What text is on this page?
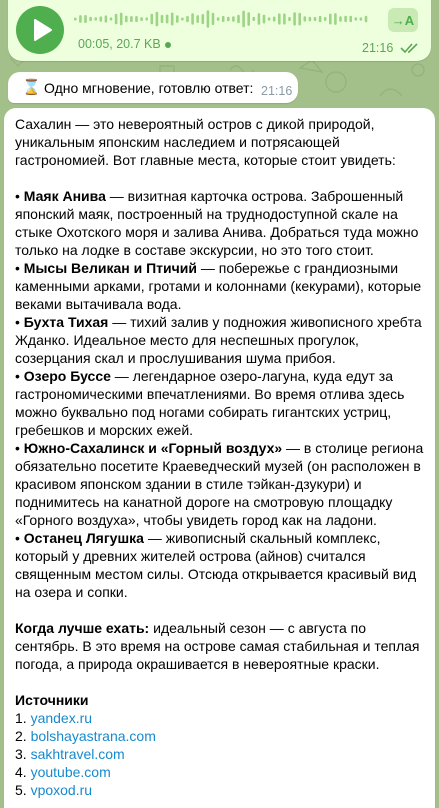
→A
00:05, 20.7 KB	21:16
⌛ Одно мгновение, готовлю ответ: 21:16

Сахалин — это невероятный остров с дикой природой, уникальным японским наследием и потрясающей гастрономией. Вот главные места, которые стоит увидеть:

• Маяк Анива — визитная карточка острова. Заброшенный японский маяк, построенный на труднодоступной скале на стыке Охотского моря и залива Анива. Добраться туда можно только на лодке в составе экскурсии, но это того стоит.

• Мысы Великан и Птичий — побережье с грандиозными каменными арками, гротами и колоннами (кекурами), которые веками вытачивала вода.

• Бухта Тихая — тихий залив у подножия живописного хребта Жданко. Идеальное место для неспешных прогулок, созерцания скал и прослушивания шума прибоя.

• Озеро Буссе — легендарное озеро-лагуна, куда едут за гастрономическими впечатлениями. Во время отлива здесь можно буквально под ногами собирать гигантских устриц, гребешков и морских ежей.

• Южно-Сахалинск и «Горный воздух» — в столице региона обязательно посетите Краеведческий музей (он расположен в красивом японском здании в стиле тэйкан-дзукури) и поднимитесь на канатной дороге на смотровую площадку «Горного воздуха», чтобы увидеть город как на ладони.

• Останец Лягушка — живописный скальный комплекс, который у древних жителей острова (айнов) считался священным местом силы. Отсюда открывается красивый вид на озера и сопки.

Когда лучше ехать: идеальный сезон — с августа по сентябрь. В это время на острове самая стабильная и теплая погода, а природа окрашивается в невероятные краски.

Источники

1. yandex.ru

2. bolshayastrana.com

3. sakhtravel.com

4. youtube.com

5. vpoxod.ru
